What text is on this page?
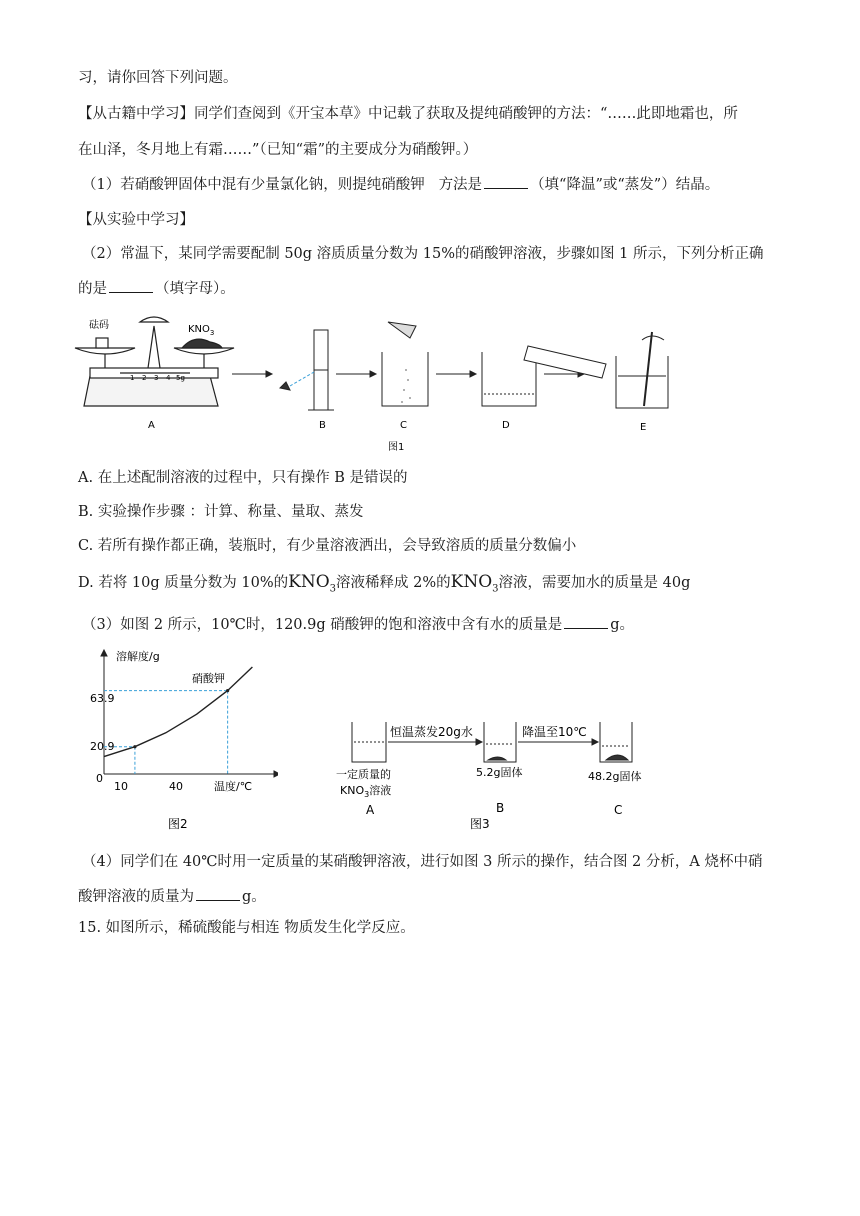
习，请你回答下列问题。
【从古籍中学习】同学们查阅到《开宝本草》中记载了获取及提纯硝酸钾的方法：“……此即地霜也，所
在山泽，冬月地上有霜……”（已知“霜”的主要成分为硝酸钾。）
（1）若硝酸钾固体中混有少量氯化钠，则提纯硝酸钾 方法是	（填“降温”或“蒸发”）结晶。
【从实验中学习】
（2）常温下，某同学需要配制 50g 溶质质量分数为 15%的硝酸钾溶液，步骤如图 1 所示，下列分析正确
的是	（填字母）。
砝码	$KNO_3$
1 2 3 4 5g
A	B	C	D	E
图1
A. 在上述配制溶液的过程中，只有操作 B 是错误的
B. 实验操作步骤 ：计算、称量、量取、蒸发
C. 若所有操作都正确，装瓶时，有少量溶液洒出，会导致溶质的质量分数偏小
D. 若将 10g 质量分数为 10%的$KNO_3$溶液稀释成 2%的$KNO_3$溶液，需要加水的质量是 40g
（3）如图 2 所示，10℃时，120.9g 硝酸钾的饱和溶液中含有水的质量是	g。
溶解度/g
温度/℃
硝酸钾
63.9
20.9
0
10	40
图2
恒温蒸发20g水	降温至10℃
一定质量的
$KNO_3$溶液
5.2g固体	48.2g固体
A	B	C
图3
（4）同学们在 40℃时用一定质量的某硝酸钾溶液，进行如图 3 所示的操作，结合图 2 分析，A 烧杯中硝
酸钾溶液的质量为	g。
15. 如图所示，稀硫酸能与相连 物质发生化学反应。
